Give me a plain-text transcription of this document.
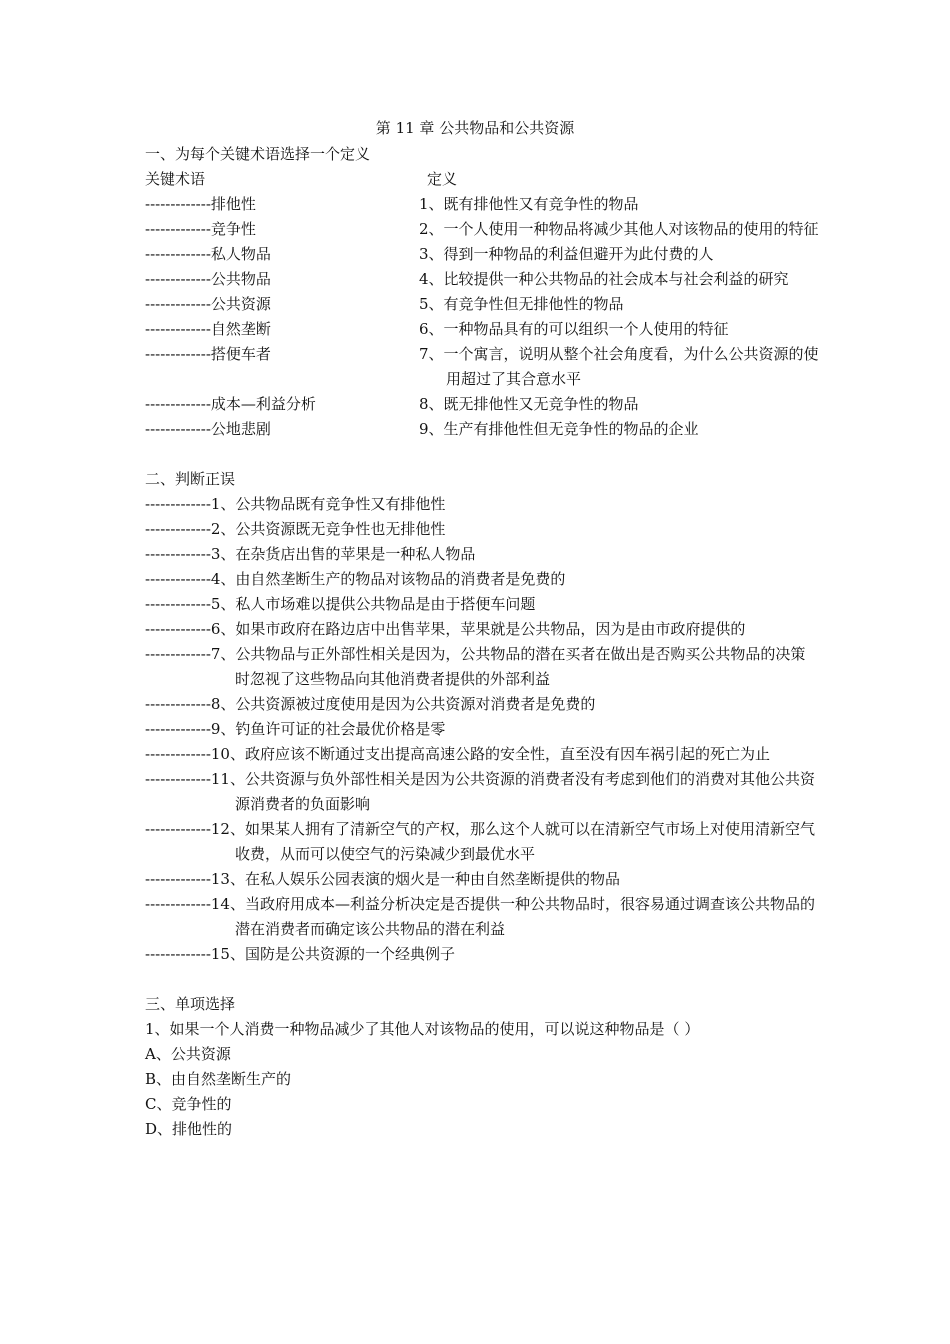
第 11 章 公共物品和公共资源
一、为每个关键术语选择一个定义
关键术语	定义
-------------排他性	1、既有排他性又有竞争性的物品
-------------竞争性	2、一个人使用一种物品将减少其他人对该物品的使用的特征
-------------私人物品	3、得到一种物品的利益但避开为此付费的人
-------------公共物品	4、比较提供一种公共物品的社会成本与社会利益的研究
-------------公共资源	5、有竞争性但无排他性的物品
-------------自然垄断	6、一种物品具有的可以组织一个人使用的特征
-------------搭便车者	7、一个寓言，说明从整个社会角度看，为什么公共资源的使用超过了其合意水平
-------------成本—利益分析	8、既无排他性又无竞争性的物品
-------------公地悲剧	9、生产有排他性但无竞争性的物品的企业
二、判断正误
-------------1、公共物品既有竞争性又有排他性
-------------2、公共资源既无竞争性也无排他性
-------------3、在杂货店出售的苹果是一种私人物品
-------------4、由自然垄断生产的物品对该物品的消费者是免费的
-------------5、私人市场难以提供公共物品是由于搭便车问题
-------------6、如果市政府在路边店中出售苹果，苹果就是公共物品，因为是由市政府提供的
-------------7、公共物品与正外部性相关是因为，公共物品的潜在买者在做出是否购买公共物品的决策时忽视了这些物品向其他消费者提供的外部利益
-------------8、公共资源被过度使用是因为公共资源对消费者是免费的
-------------9、钓鱼许可证的社会最优价格是零
-------------10、政府应该不断通过支出提高高速公路的安全性，直至没有因车祸引起的死亡为止
-------------11、公共资源与负外部性相关是因为公共资源的消费者没有考虑到他们的消费对其他公共资源消费者的负面影响
-------------12、如果某人拥有了清新空气的产权，那么这个人就可以在清新空气市场上对使用清新空气收费，从而可以使空气的污染减少到最优水平
-------------13、在私人娱乐公园表演的烟火是一种由自然垄断提供的物品
-------------14、当政府用成本—利益分析决定是否提供一种公共物品时，很容易通过调查该公共物品的潜在消费者而确定该公共物品的潜在利益
-------------15、国防是公共资源的一个经典例子
三、单项选择
1、如果一个人消费一种物品减少了其他人对该物品的使用，可以说这种物品是（ ）
A、公共资源
B、由自然垄断生产的
C、竞争性的
D、排他性的
